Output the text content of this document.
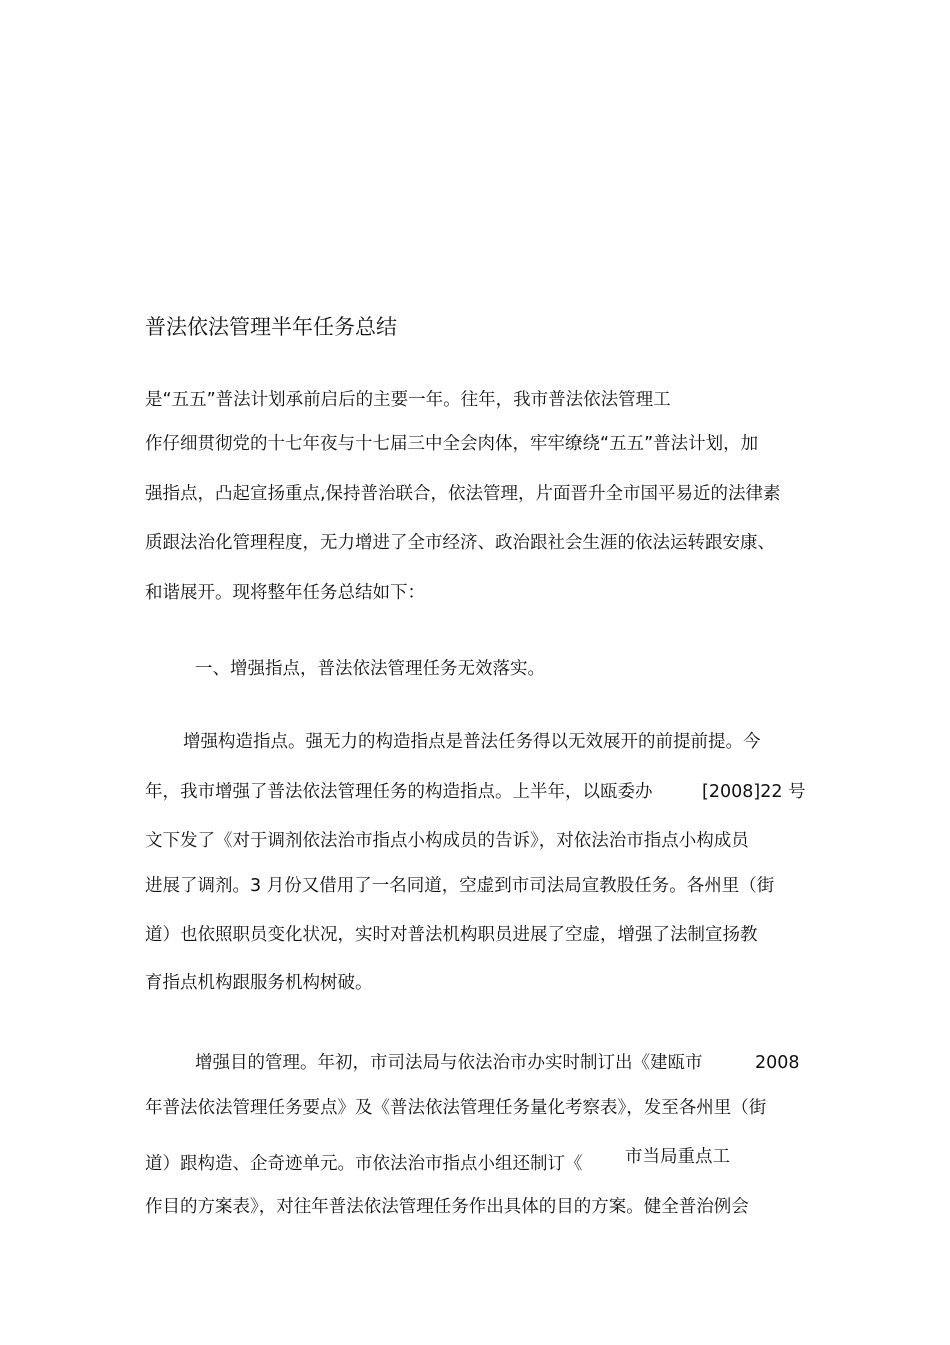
普法依法管理半年任务总结
是“五五”普法计划承前启后的主要一年。往年，我市普法依法管理工
作仔细贯彻党的十七年夜与十七届三中全会肉体，牢牢缭绕“五五”普法计划，加
强指点，凸起宣扬重点,保持普治联合，依法管理，片面晋升全市国平易近的法律素
质跟法治化管理程度，无力增进了全市经济、政治跟社会生涯的依法运转跟安康、
和谐展开。现将整年任务总结如下：
一、增强指点，普法依法管理任务无效落实。
增强构造指点。强无力的构造指点是普法任务得以无效展开的前提前提。今
年，我市增强了普法依法管理任务的构造指点。上半年，以瓯委办	[2008]22 号
文下发了《对于调剂依法治市指点小构成员的告诉》，对依法治市指点小构成员
进展了调剂。3 月份又借用了一名同道，空虚到市司法局宣教股任务。各州里（街
道）也依照职员变化状况，实时对普法机构职员进展了空虚，增强了法制宣扬教
育指点机构跟服务机构树破。
增强目的管理。年初，市司法局与依法治市办实时制订出《建瓯市	2008
年普法依法管理任务要点》及《普法依法管理任务量化考察表》，发至各州里（街
道）跟构造、企奇迹单元。市依法治市指点小组还制订《 市当局重点工
作目的方案表》，对往年普法依法管理任务作出具体的目的方案。健全普治例会
